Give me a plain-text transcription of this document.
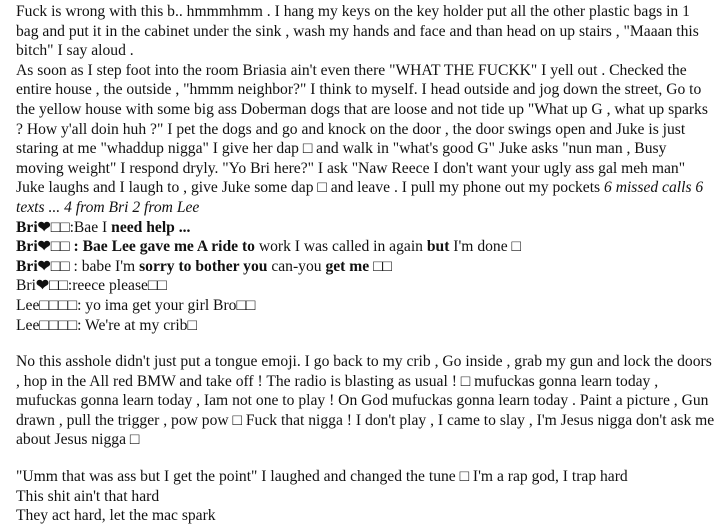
Fuck is wrong with this b.. hmmmhmm . I hang my keys on the key holder put all the other plastic bags in 1 bag and put it in the cabinet under the sink , wash my hands and face and than head on up stairs , "Maaan this bitch" I say aloud .

As soon as I step foot into the room Briasia ain't even there "WHAT THE FUCKK" I yell out . Checked the entire house , the outside , "hmmm neighbor?" I think to myself. I head outside and jog down the street, Go to the yellow house with some big ass Doberman dogs that are loose and not tide up "What up G , what up sparks ? How y'all doin huh ?" I pet the dogs and go and knock on the door , the door swings open and Juke is just staring at me "whaddup nigga" I give her dap □ and walk in "what's good G" Juke asks "nun man , Busy moving weight" I respond dryly. "Yo Bri here?" I ask "Naw Reece I don't want your ugly ass gal meh man" Juke laughs and I laugh to , give Juke some dap □ and leave . I pull my phone out my pockets 6 missed calls 6 texts ... 4 from Bri 2 from Lee

Bri❤□□:Bae I need help ...
Bri❤□□ : Bae Lee gave me A ride to work I was called in again but I'm done □
Bri❤□□ : babe I'm sorry to bother you can-you get me □□
Bri❤□□:reece please□□
Lee□□□□: yo ima get your girl Bro□□
Lee□□□□: We're at my crib□

No this asshole didn't just put a tongue emoji. I go back to my crib , Go inside , grab my gun and lock the doors , hop in the All red BMW and take off ! The radio is blasting as usual ! □ mufuckas gonna learn today , mufuckas gonna learn today , Iam not one to play ! On God mufuckas gonna learn today . Paint a picture , Gun drawn , pull the trigger , pow pow □ Fuck that nigga ! I don't play , I came to slay , I'm Jesus nigga don't ask me about Jesus nigga □

"Umm that was ass but I get the point" I laughed and changed the tune □ I'm a rap god, I trap hard
This shit ain't that hard
They act hard, let the mac spark
